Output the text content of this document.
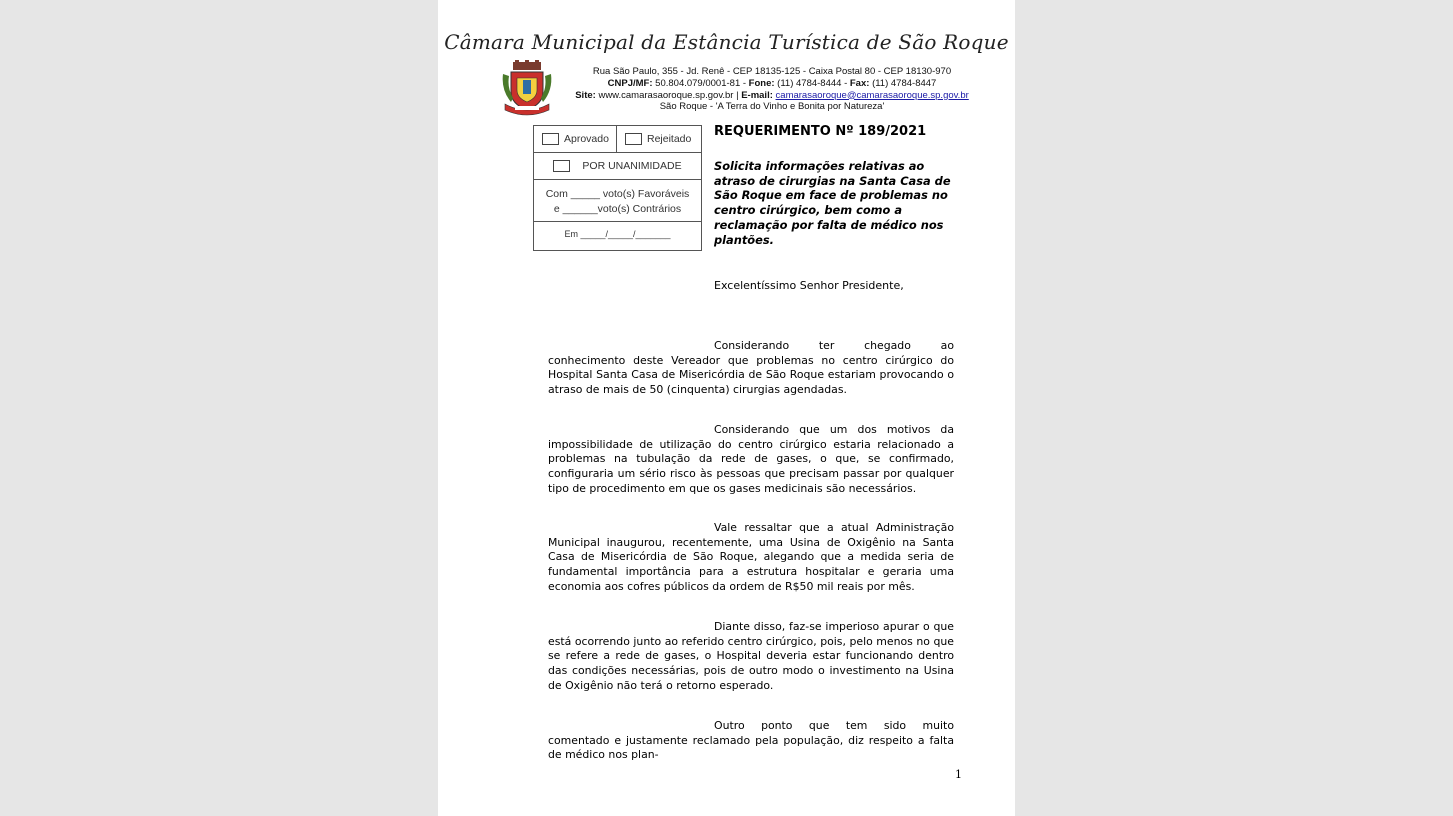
Câmara Municipal da Estância Turística de São Roque
Rua São Paulo, 355 - Jd. Renê - CEP 18135-125 - Caixa Postal 80 - CEP 18130-970
CNPJ/MF: 50.804.079/0001-81 - Fone: (11) 4784-8444 - Fax: (11) 4784-8447
Site: www.camarasaoroque.sp.gov.br | E-mail: camarasaoroque@camarasaoroque.sp.gov.br
São Roque - 'A Terra do Vinho e Bonita por Natureza'
Aprovado	Rejeitado
POR UNANIMIDADE
Com _____ voto(s) Favoráveis
e ______voto(s) Contrários
Em _____/_____/_______
REQUERIMENTO Nº 189/2021
Solicita informações relativas ao atraso de cirurgias na Santa Casa de São Roque em face de problemas no centro cirúrgico, bem como a reclamação por falta de médico nos plantões.
Excelentíssimo Senhor Presidente,
Considerando ter chegado ao conhecimento deste Vereador que problemas no centro cirúrgico do Hospital Santa Casa de Misericórdia de São Roque estariam provocando o atraso de mais de 50 (cinquenta) cirurgias agendadas.
Considerando que um dos motivos da impossibilidade de utilização do centro cirúrgico estaria relacionado a problemas na tubulação da rede de gases, o que, se confirmado, configuraria um sério risco às pessoas que precisam passar por qualquer tipo de procedimento em que os gases medicinais são necessários.
Vale ressaltar que a atual Administração Municipal inaugurou, recentemente, uma Usina de Oxigênio na Santa Casa de Misericórdia de São Roque, alegando que a medida seria de fundamental importância para a estrutura hospitalar e geraria uma economia aos cofres públicos da ordem de R$50 mil reais por mês.
Diante disso, faz-se imperioso apurar o que está ocorrendo junto ao referido centro cirúrgico, pois, pelo menos no que se refere a rede de gases, o Hospital deveria estar funcionando dentro das condições necessárias, pois de outro modo o investimento na Usina de Oxigênio não terá o retorno esperado.
Outro ponto que tem sido muito comentado e justamente reclamado pela população, diz respeito a falta de médico nos plan-
1
